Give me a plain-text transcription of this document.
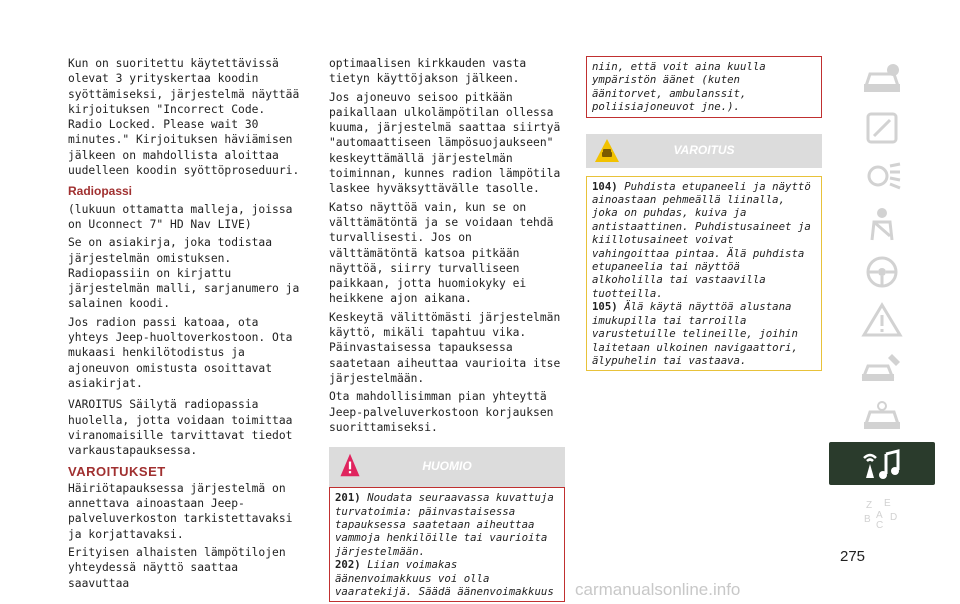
Kun on suoritettu käytettävissä olevat 3 yrityskertaa koodin syöttämiseksi, järjestelmä näyttää kirjoituksen "Incorrect Code. Radio Locked. Please wait 30 minutes." Kirjoituksen häviämisen jälkeen on mahdollista aloittaa uudelleen koodin syöttöproseduuri.

Radiopassi

(lukuun ottamatta malleja, joissa on Uconnect 7" HD Nav LIVE)

Se on asiakirja, joka todistaa järjestelmän omistuksen. Radiopassiin on kirjattu järjestelmän malli, sarjanumero ja salainen koodi.

Jos radion passi katoaa, ota yhteys Jeep-huoltoverkostoon. Ota mukaasi henkilötodistus ja ajoneuvon omistusta osoittavat asiakirjat.

VAROITUS Säilytä radiopassia huolella, jotta voidaan toimittaa viranomaisille tarvittavat tiedot varkaustapauksessa.

VAROITUKSET

Häiriötapauksessa järjestelmä on annettava ainoastaan Jeep-palveluverkoston tarkistettavaksi ja korjattavaksi.

Erityisen alhaisten lämpötilojen yhteydessä näyttö saattaa saavuttaa

optimaalisen kirkkauden vasta tietyn käyttöjakson jälkeen.

Jos ajoneuvo seisoo pitkään paikallaan ulkolämpötilan ollessa kuuma, järjestelmä saattaa siirtyä "automaattiseen lämpösuojaukseen" keskeyttämällä järjestelmän toiminnan, kunnes radion lämpötila laskee hyväksyttävälle tasolle.

Katso näyttöä vain, kun se on välttämätöntä ja se voidaan tehdä turvallisesti. Jos on välttämätöntä katsoa pitkään näyttöä, siirry turvalliseen paikkaan, jotta huomiokyky ei heikkene ajon aikana.

Keskeytä välittömästi järjestelmän käyttö, mikäli tapahtuu vika. Päinvastaisessa tapauksessa saatetaan aiheuttaa vaurioita itse järjestelmään.

Ota mahdollisimman pian yhteyttä Jeep-palveluverkostoon korjauksen suorittamiseksi.

HUOMIO
201) Noudata seuraavassa kuvattuja turvatoimia: päinvastaisessa tapauksessa saatetaan aiheuttaa vammoja henkilöille tai vaurioita järjestelmään.
202) Liian voimakas äänenvoimakkuus voi olla vaaratekijä. Säädä äänenvoimakkuus
niin, että voit aina kuulla ympäristön äänet (kuten äänitorvet, ambulanssit, poliisiajoneuvot jne.).
VAROITUS
104) Puhdista etupaneeli ja näyttö ainoastaan pehmeällä liinalla, joka on puhdas, kuiva ja antistaattinen. Puhdistusaineet ja kiillotusaineet voivat vahingoittaa pintaa. Älä puhdista etupaneelia tai näyttöä alkoholilla tai vastaavilla tuotteilla.
105) Älä käytä näyttöä alustana imukupilla tai tarroilla varustetuille telineille, joihin laitetaan ulkoinen navigaattori, älypuhelin tai vastaava.
Z E
B A D
C
275
carmanualsonline.info
